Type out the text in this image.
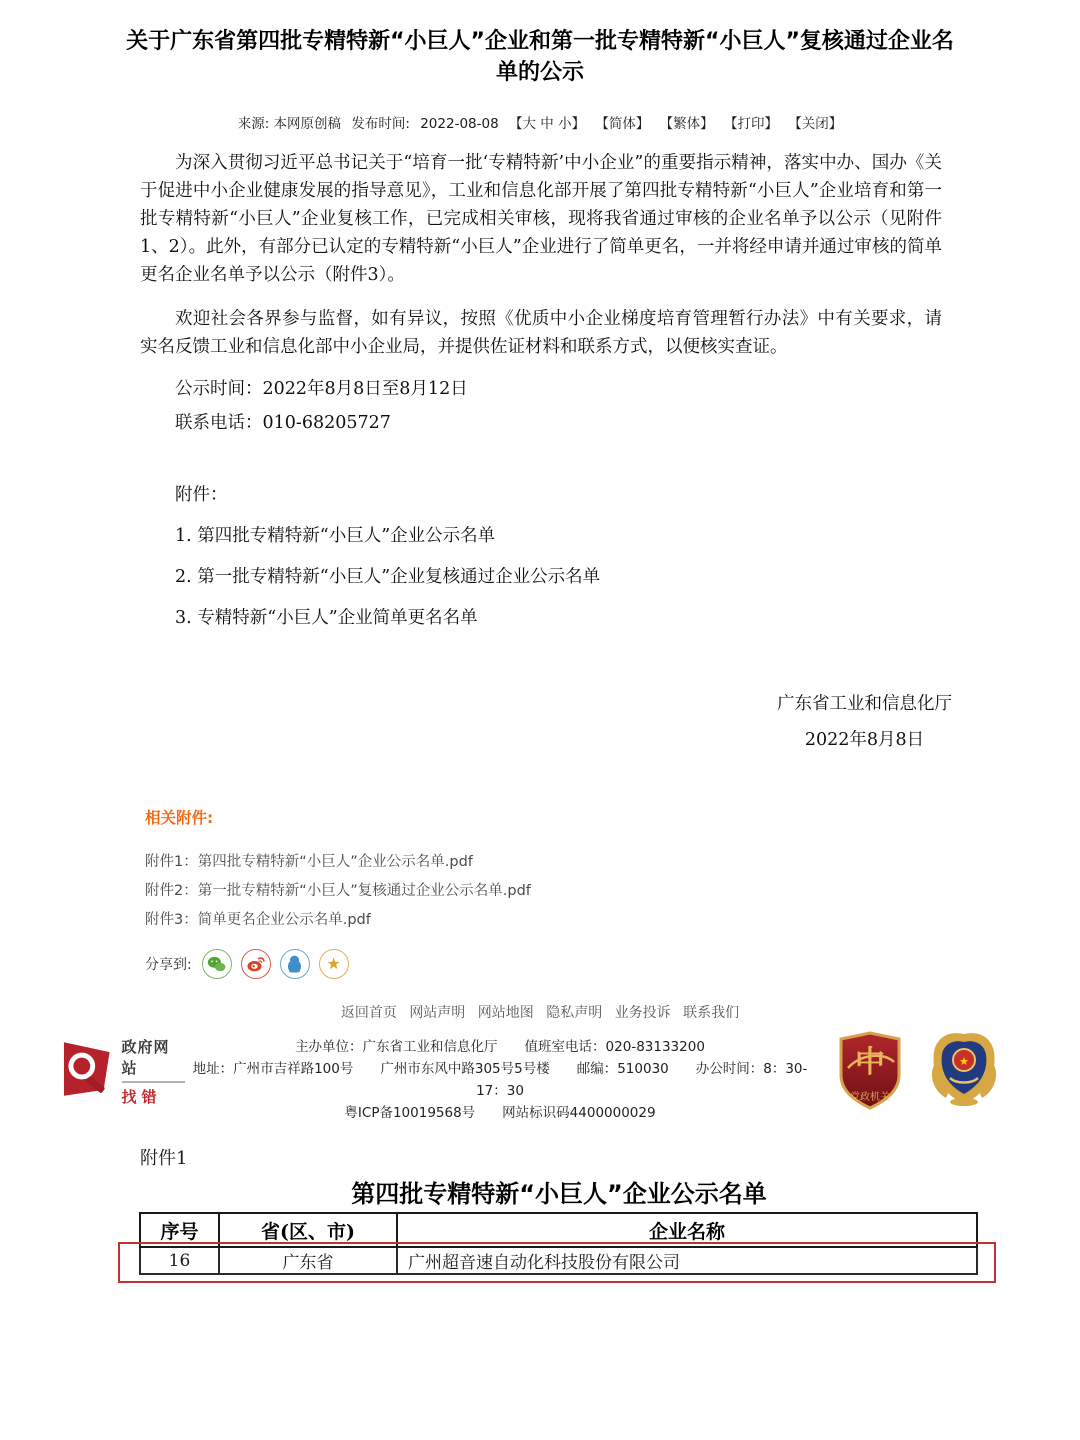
关于广东省第四批专精特新“小巨人”企业和第一批专精特新“小巨人”复核通过企业名单的公示
来源: 本网原创稿 发布时间: 2022-08-08 【大 中 小】 【简体】 【繁体】 【打印】 【关闭】

为深入贯彻习近平总书记关于“培育一批‘专精特新’中小企业”的重要指示精神，落实中办、国办《关于促进中小企业健康发展的指导意见》，工业和信息化部开展了第四批专精特新“小巨人”企业培育和第一批专精特新“小巨人”企业复核工作，已完成相关审核，现将我省通过审核的企业名单予以公示（见附件1、2）。此外，有部分已认定的专精特新“小巨人”企业进行了简单更名，一并将经申请并通过审核的简单更名企业名单予以公示（附件3）。

欢迎社会各界参与监督，如有异议，按照《优质中小企业梯度培育管理暂行办法》中有关要求，请实名反馈工业和信息化部中小企业局，并提供佐证材料和联系方式，以便核实查证。

公示时间：2022年8月8日至8月12日

联系电话：010-68205727

附件：

1. 第四批专精特新“小巨人”企业公示名单

2. 第一批专精特新“小巨人”企业复核通过企业公示名单

3. 专精特新“小巨人”企业简单更名名单

广东省工业和信息化厅
2022年8月8日
相关附件:
附件1：第四批专精特新“小巨人”企业公示名单.pdf
附件2：第一批专精特新“小巨人”复核通过企业公示名单.pdf
附件3：简单更名企业公示名单.pdf
分享到:	★
返回首页 网站声明 网站地图 隐私声明 业务投诉 联系我们
政府网站
找错
主办单位：广东省工业和信息化厅　　值班室电话：020-83133200
地址：广州市吉祥路100号　　广州市东风中路305号5号楼　　邮编：510030　　办公时间：8：30-17：30
粤ICP备10019568号　　网站标识码4400000029
中
党政机关
★
附件1
第四批专精特新“小巨人”企业公示名单
序号	省(区、市)	企业名称
16	广东省	广州超音速自动化科技股份有限公司
